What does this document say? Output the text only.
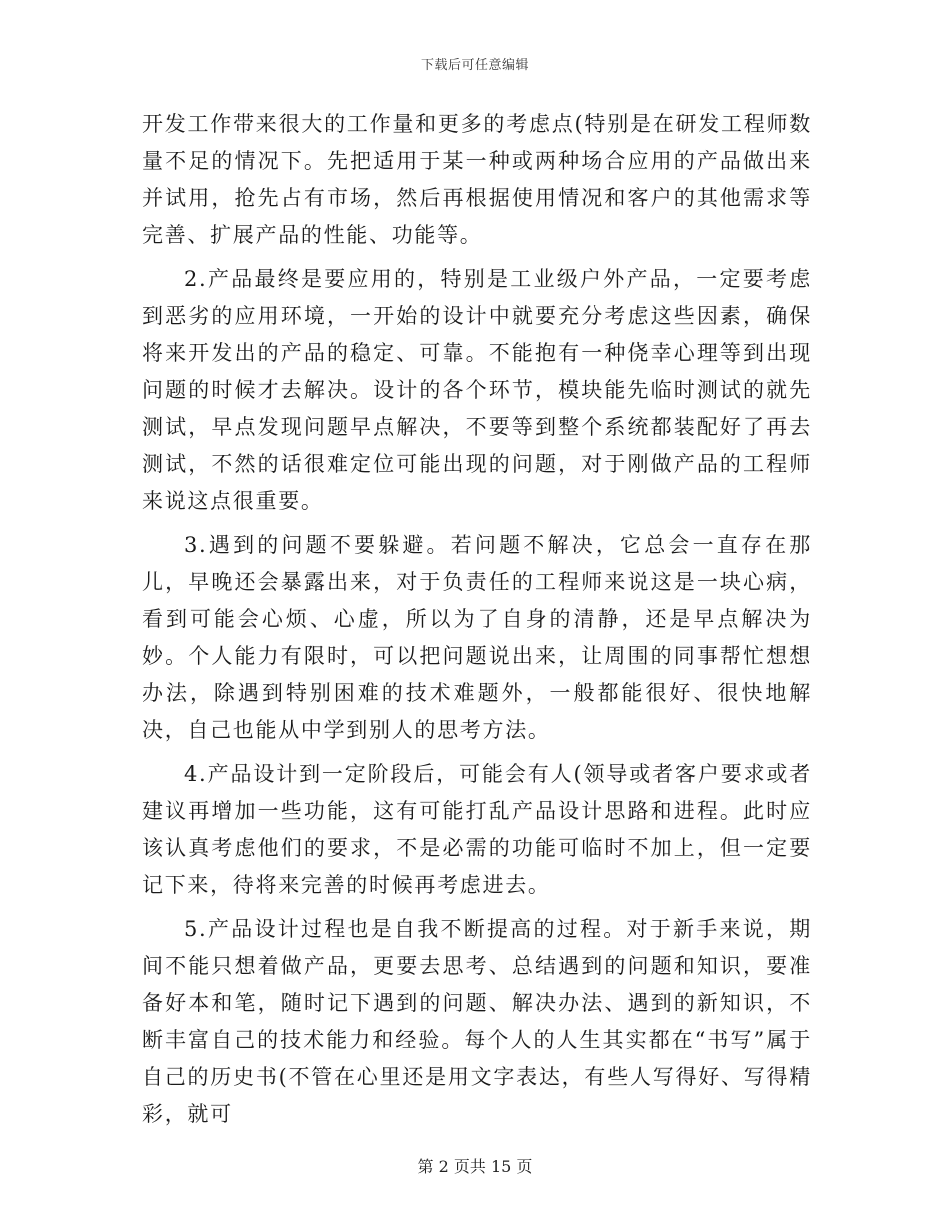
下载后可任意编辑

开发工作带来很大的工作量和更多的考虑点(特别是在研发工程师数量不足的情况下。先把适用于某一种或两种场合应用的产品做出来并试用，抢先占有市场，然后再根据使用情况和客户的其他需求等完善、扩展产品的性能、功能等。

2.产品最终是要应用的，特别是工业级户外产品，一定要考虑到恶劣的应用环境，一开始的设计中就要充分考虑这些因素，确保将来开发出的产品的稳定、可靠。不能抱有一种侥幸心理等到出现问题的时候才去解决。设计的各个环节，模块能先临时测试的就先测试，早点发现问题早点解决，不要等到整个系统都装配好了再去测试，不然的话很难定位可能出现的问题，对于刚做产品的工程师来说这点很重要。

3.遇到的问题不要躲避。若问题不解决，它总会一直存在那儿，早晚还会暴露出来，对于负责任的工程师来说这是一块心病，看到可能会心烦、心虚，所以为了自身的清静，还是早点解决为妙。个人能力有限时，可以把问题说出来，让周围的同事帮忙想想办法，除遇到特别困难的技术难题外，一般都能很好、很快地解决，自己也能从中学到别人的思考方法。

4.产品设计到一定阶段后，可能会有人(领导或者客户要求或者建议再增加一些功能，这有可能打乱产品设计思路和进程。此时应该认真考虑他们的要求，不是必需的功能可临时不加上，但一定要记下来，待将来完善的时候再考虑进去。

5.产品设计过程也是自我不断提高的过程。对于新手来说，期间不能只想着做产品，更要去思考、总结遇到的问题和知识，要准备好本和笔，随时记下遇到的问题、解决办法、遇到的新知识，不断丰富自己的技术能力和经验。每个人的人生其实都在“书写”属于自己的历史书(不管在心里还是用文字表达，有些人写得好、写得精彩，就可

第 2 页共 15 页
